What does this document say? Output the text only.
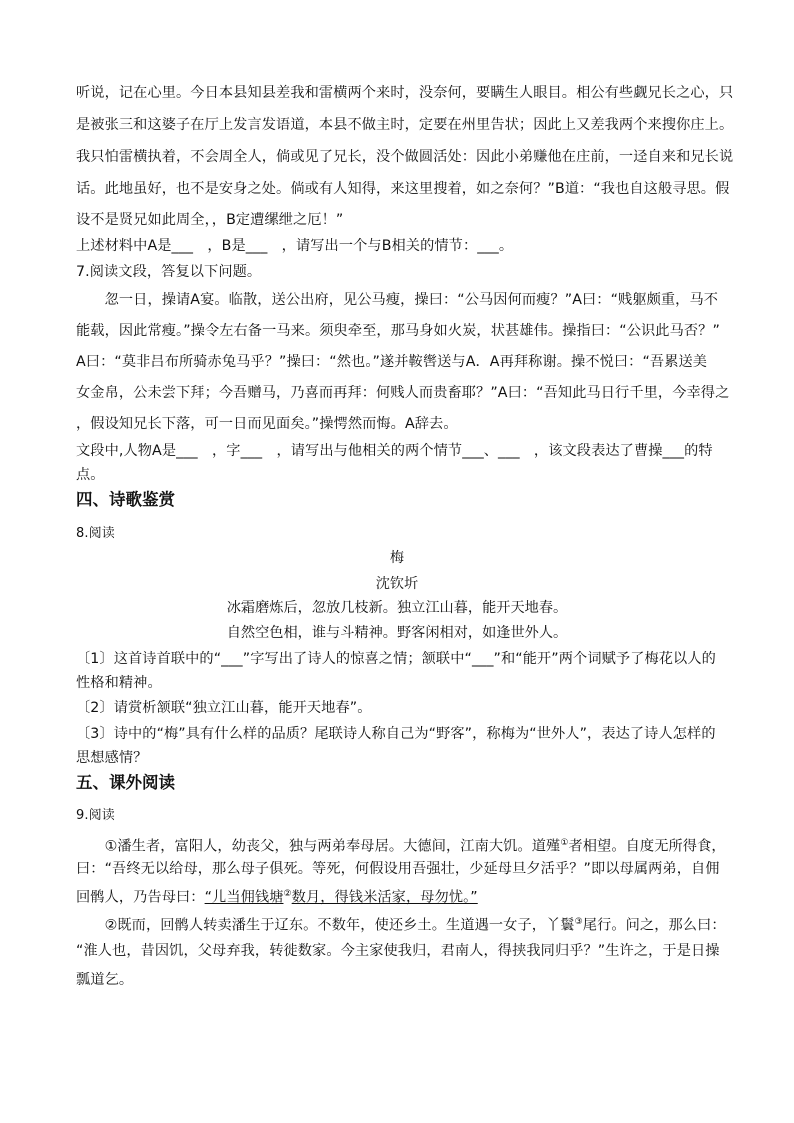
听说，记在心里。今日本县知县差我和雷横两个来时，没奈何，要瞒生人眼目。相公有些觑兄长之心，只
是被张三和这婆子在厅上发言发语道，本县不做主时，定要在州里告状；因此上又差我两个来搜你庄上。
我只怕雷横执着，不会周全人，倘或见了兄长，没个做圆活处：因此小弟赚他在庄前，一迳自来和兄长说
话。此地虽好，也不是安身之处。倘或有人知得，来这里搜着，如之奈何？”B道：“我也自这般寻思。假
设不是贤兄如此周全，，B定遭缧绁之厄！”
上述材料中A是___　，B是___　，请写出一个与B相关的情节：___。
7.阅读文段，答复以下问题。
　　忽一日，操请A宴。临散，送公出府，见公马瘦，操曰：“公马因何而瘦？”A曰：“贱躯颇重，马不
能载，因此常瘦。”操令左右备一马来。须臾牵至，那马身如火炭，状甚雄伟。操指曰：“公识此马否？”
A曰：“莫非吕布所骑赤兔马乎？”操曰：“然也。”遂并鞍辔送与A．A再拜称谢。操不悦曰：“吾累送美
女金帛，公未尝下拜；今吾赠马，乃喜而再拜：何贱人而贵畜耶？”A曰：“吾知此马日行千里，今幸得之
，假设知兄长下落，可一日而见面矣。”操愕然而悔。A辞去。
文段中,人物A是___　，字___　，请写出与他相关的两个情节___、___　，该文段表达了曹操___的特
点。
四、诗歌鉴赏
8.阅读
梅
沈钦圻
冰霜磨炼后，忽放几枝新。独立江山暮，能开天地春。
自然空色相，谁与斗精神。野客闲相对，如逢世外人。
〔1〕这首诗首联中的“___”字写出了诗人的惊喜之情；颔联中“___”和“能开”两个词赋予了梅花以人的
性格和精神。
〔2〕请赏析颔联“独立江山暮，能开天地春”。
〔3〕诗中的“梅”具有什么样的品质？尾联诗人称自己为“野客”，称梅为“世外人”，表达了诗人怎样的
思想感情？
五、课外阅读
9.阅读
　　①潘生者，富阳人，幼丧父，独与两弟奉母居。大德间，江南大饥。道殣①者相望。自度无所得食，
曰：“吾终无以给母，那么母子俱死。等死，何假设用吾强壮，少延母旦夕活乎？”即以母属两弟，自佣
回鹘人，乃告母曰：“儿当佣钱塘②数月，得钱米活家，母勿忧。”
　　②既而，回鹘人转卖潘生于辽东。不数年，使还乡土。生道遇一女子，丫鬟③尾行。问之，那么曰：
“淮人也，昔因饥，父母弃我，转徙数家。今主家使我归，君南人，得挟我同归乎？”生许之，于是日操
瓢道乞。
